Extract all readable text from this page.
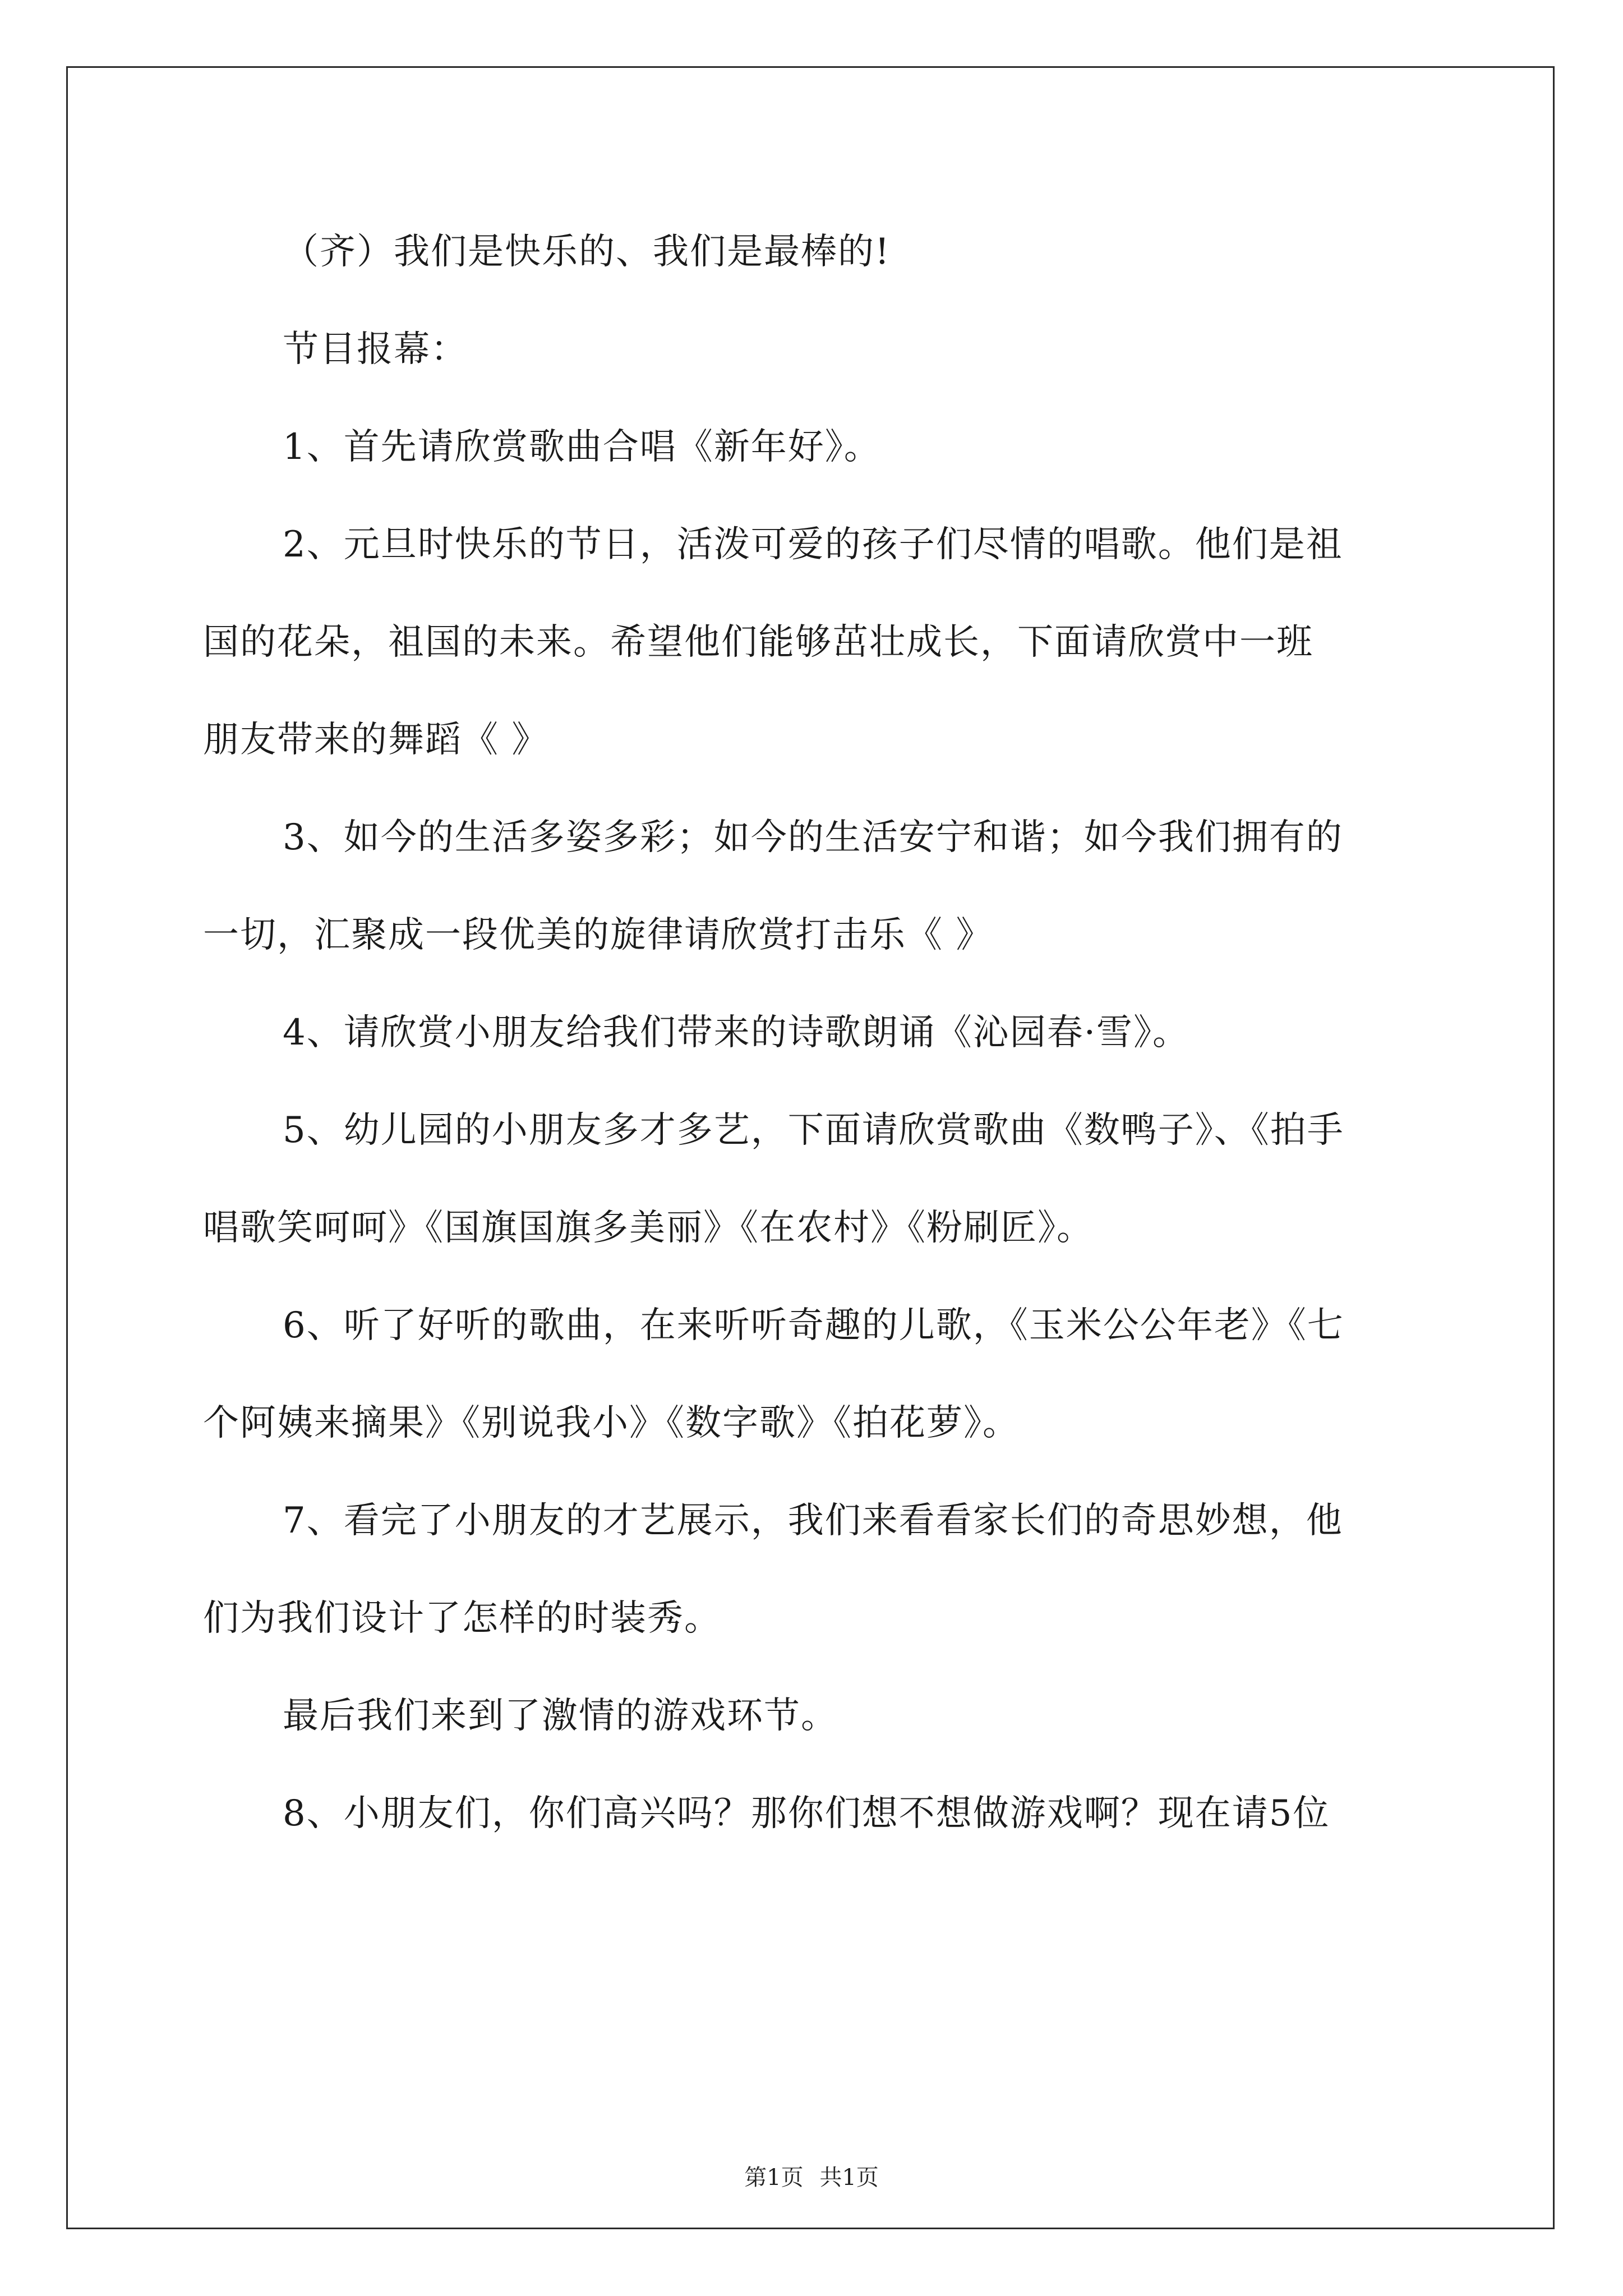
（齐）我们是快乐的、我们是最棒的!
节目报幕：
1、首先请欣赏歌曲合唱《新年好》。
2、元旦时快乐的节日，活泼可爱的孩子们尽情的唱歌。他们是祖
国的花朵，祖国的未来。希望他们能够茁壮成长，下面请欣赏中一班
朋友带来的舞蹈《 》
3、如今的生活多姿多彩；如今的生活安宁和谐；如今我们拥有的
一切，汇聚成一段优美的旋律请欣赏打击乐《 》
4、请欣赏小朋友给我们带来的诗歌朗诵《沁园春·雪》。
5、幼儿园的小朋友多才多艺，下面请欣赏歌曲《数鸭子》、《拍手
唱歌笑呵呵》《国旗国旗多美丽》《在农村》《粉刷匠》。
6、听了好听的歌曲，在来听听奇趣的儿歌，《玉米公公年老》《七
个阿姨来摘果》《别说我小》《数字歌》《拍花萝》。
7、看完了小朋友的才艺展示，我们来看看家长们的奇思妙想，他
们为我们设计了怎样的时装秀。
最后我们来到了激情的游戏环节。
8、小朋友们，你们高兴吗？那你们想不想做游戏啊？现在请5位
第1页 共1页
